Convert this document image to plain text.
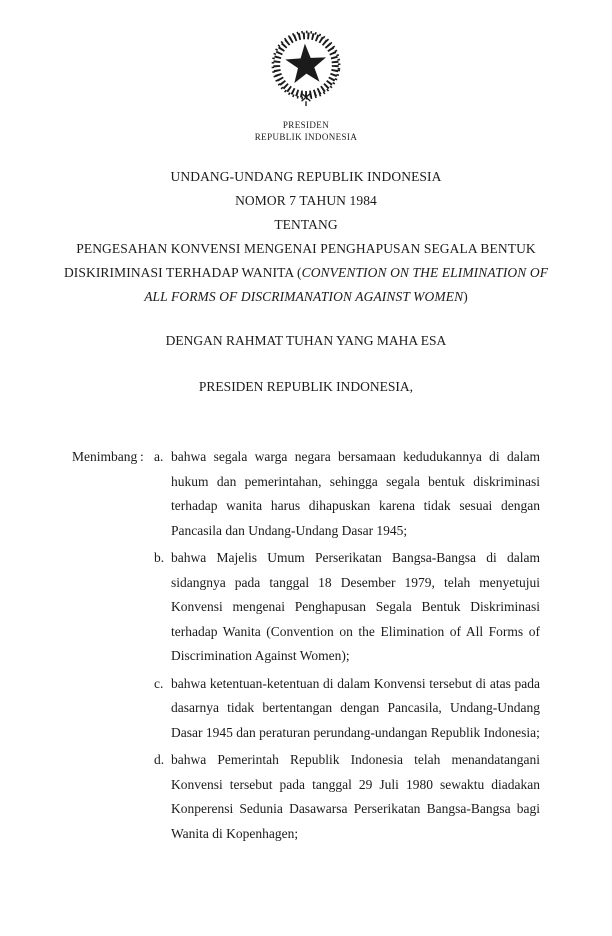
PRESIDEN
REPUBLIK INDONESIA
UNDANG-UNDANG REPUBLIK INDONESIA
NOMOR 7 TAHUN 1984
TENTANG
PENGESAHAN KONVENSI MENGENAI PENGHAPUSAN SEGALA BENTUK
DISKIRIMINASI TERHADAP WANITA (CONVENTION ON THE ELIMINATION OF
ALL FORMS OF DISCRIMANATION AGAINST WOMEN)
DENGAN RAHMAT TUHAN YANG MAHA ESA
PRESIDEN REPUBLIK INDONESIA,
Menimbang : a. bahwa segala warga negara bersamaan kedudukannya di dalam hukum dan pemerintahan, sehingga segala bentuk diskriminasi terhadap wanita harus dihapuskan karena tidak sesuai dengan Pancasila dan Undang-Undang Dasar 1945;
b. bahwa Majelis Umum Perserikatan Bangsa-Bangsa di dalam sidangnya pada tanggal 18 Desember 1979, telah menyetujui Konvensi mengenai Penghapusan Segala Bentuk Diskriminasi terhadap Wanita (Convention on the Elimination of All Forms of Discrimination Against Women);
c. bahwa ketentuan-ketentuan di dalam Konvensi tersebut di atas pada dasarnya tidak bertentangan dengan Pancasila, Undang-Undang Dasar 1945 dan peraturan perundang-undangan Republik Indonesia;
d. bahwa Pemerintah Republik Indonesia telah menandatangani Konvensi tersebut pada tanggal 29 Juli 1980 sewaktu diadakan Konperensi Sedunia Dasawarsa Perserikatan Bangsa-Bangsa bagi Wanita di Kopenhagen;
